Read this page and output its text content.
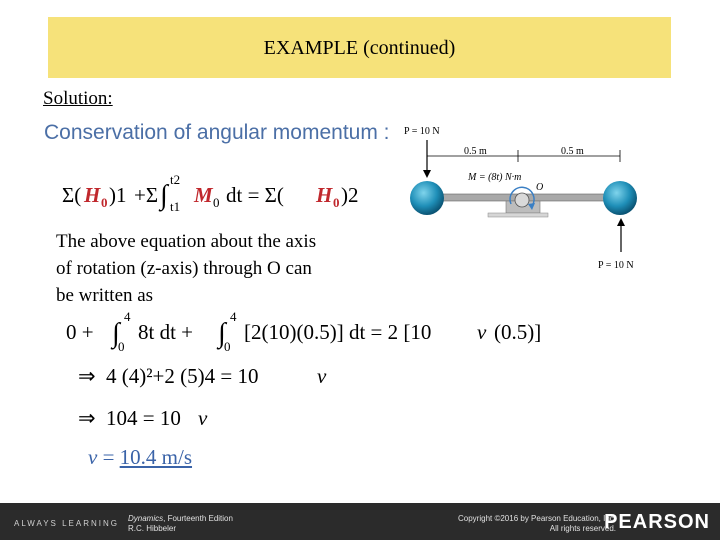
EXAMPLE (continued)
Solution:
Conservation of angular momentum :
Σ( H 0 )1 +Σ ∫
t2
t1 M 0 dt = Σ( H 0 )2
The above equation about the axis
of rotation (z-axis) through O can
be written as
0 + ∫
4
0
8t dt + ∫
4
0
[2(10)(0.5)] dt = 2 [10 v (0.5)]
⇒ 4 (4)²+2 (5)4 = 10	v
⇒ 104 = 10 v
v = 10.4 m/s
P = 10 N
0.5 m	0.5 m
M = (8t) N·m
O
P = 10 N
ALWAYS LEARNING
Dynamics, Fourteenth Edition
R.C. Hibbeler
Copyright ©2016 by Pearson Education, Inc.
All rights reserved.
PEARSON
